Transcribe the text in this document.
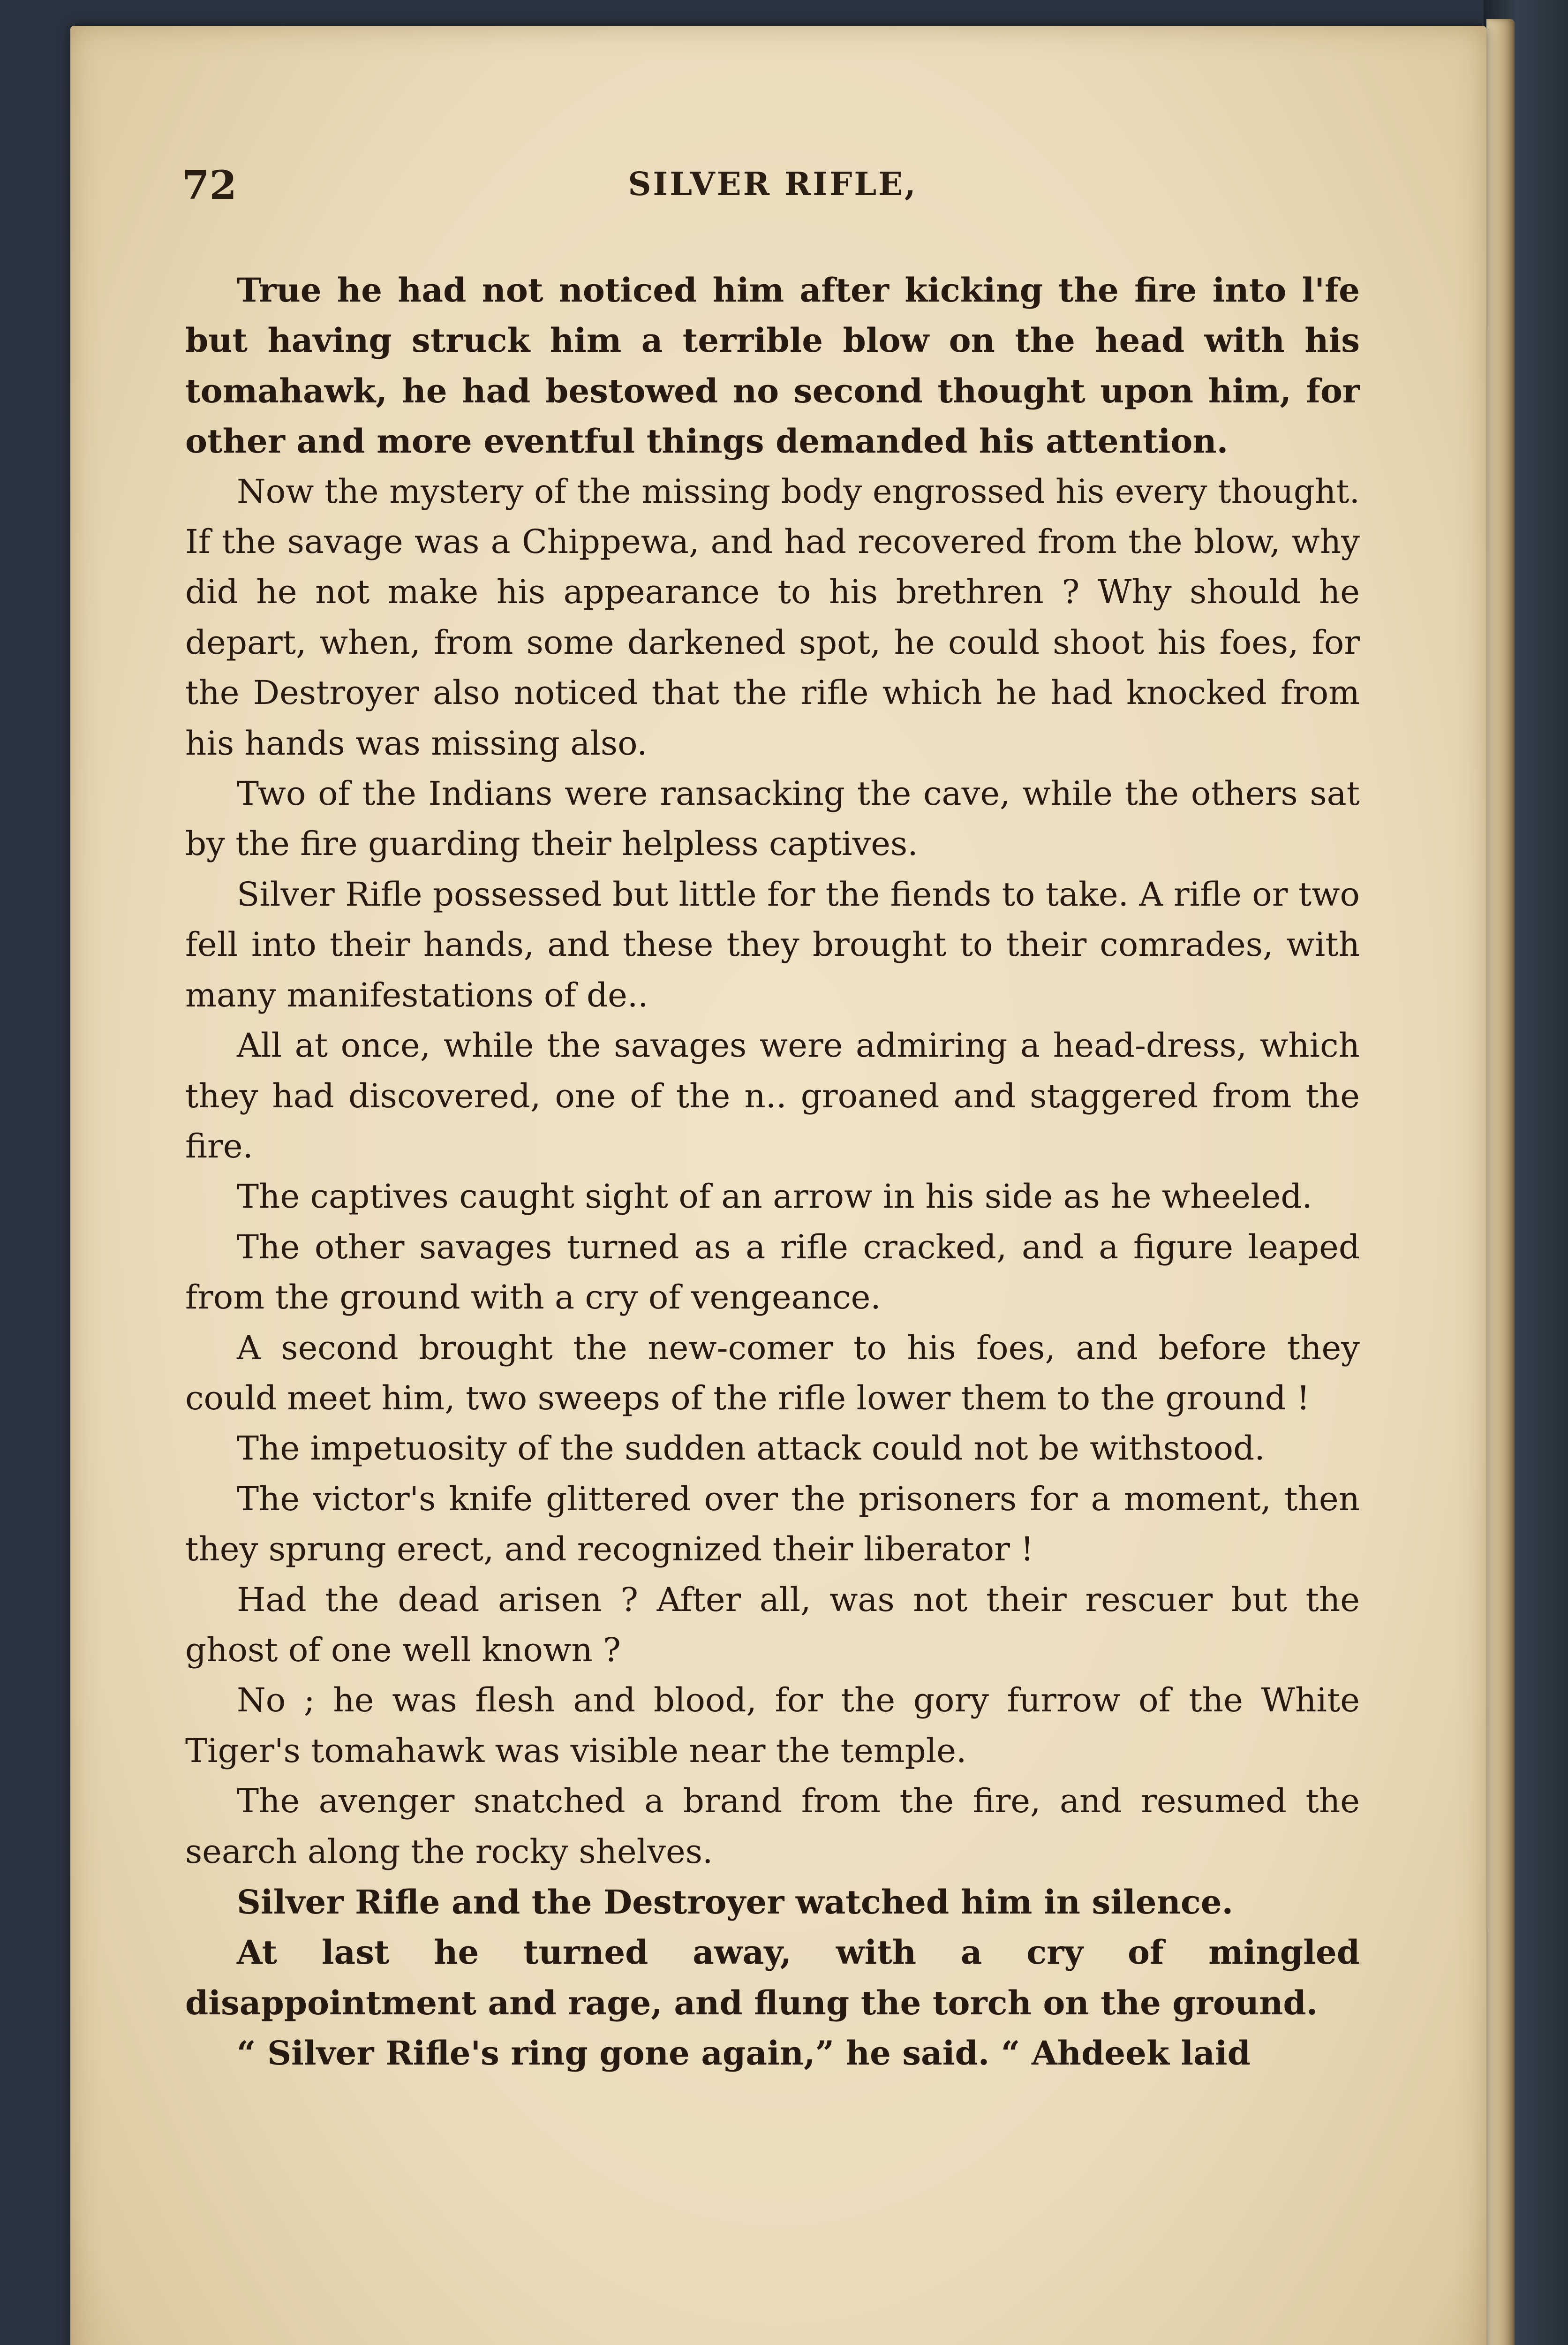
72	SILVER RIFLE,

True he had not noticed him after kicking the fire into l'fe but having struck him a terrible blow on the head with his tomahawk, he had bestowed no second thought upon him, for other and more eventful things demanded his attention.

Now the mystery of the missing body engrossed his every thought. If the savage was a Chippewa, and had recovered from the blow, why did he not make his appearance to his brethren ? Why should he depart, when, from some darkened spot, he could shoot his foes, for the Destroyer also noticed that the rifle which he had knocked from his hands was missing also.

Two of the Indians were ransacking the cave, while the others sat by the fire guarding their helpless captives.

Silver Rifle possessed but little for the fiends to take. A rifle or two fell into their hands, and these they brought to their comrades, with many manifestations of de..

All at once, while the savages were admiring a head-dress, which they had discovered, one of the n.. groaned and staggered from the fire.

The captives caught sight of an arrow in his side as he wheeled.

The other savages turned as a rifle cracked, and a figure leaped from the ground with a cry of vengeance.

A second brought the new-comer to his foes, and before they could meet him, two sweeps of the rifle lower them to the ground !

The impetuosity of the sudden attack could not be withstood.

The victor's knife glittered over the prisoners for a moment, then they sprung erect, and recognized their liberator !

Had the dead arisen ? After all, was not their rescuer but the ghost of one well known ?

No ; he was flesh and blood, for the gory furrow of the White Tiger's tomahawk was visible near the temple.

The avenger snatched a brand from the fire, and resumed the search along the rocky shelves.

Silver Rifle and the Destroyer watched him in silence.

At last he turned away, with a cry of mingled disappointment and rage, and flung the torch on the ground.

“ Silver Rifle's ring gone again,” he said. “ Ahdeek laid
